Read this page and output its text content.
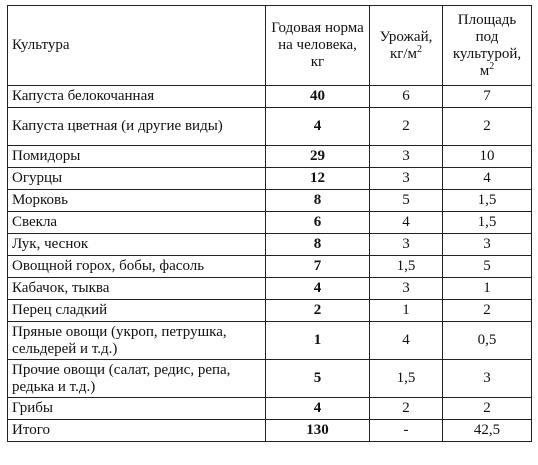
Культура	Годовая норма на человека, кг	Урожай, $кг/м^2$	Площадь под культурой, $м^2$
Капуста белокочанная	40	6	7
Капуста цветная (и другие виды)	4	2	2
Помидоры	29	3	10
Огурцы	12	3	4
Морковь	8	5	1,5
Свекла	6	4	1,5
Лук, чеснок	8	3	3
Овощной горох, бобы, фасоль	7	1,5	5
Кабачок, тыква	4	3	1
Перец сладкий	2	1	2
Пряные овощи (укроп, петрушка, сельдерей и т.д.)	1	4	0,5
Прочие овощи (салат, редис, репа, редька и т.д.)	5	1,5	3
Грибы	4	2	2
Итого	130	-	42,5
